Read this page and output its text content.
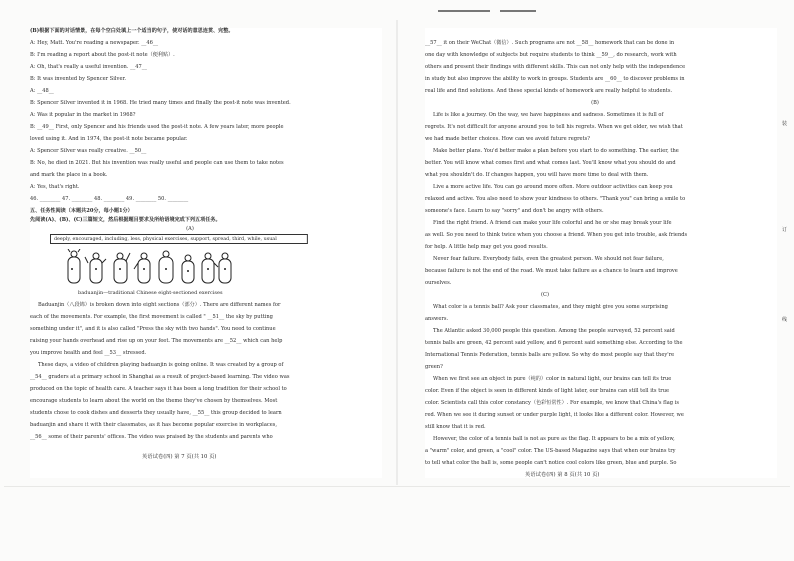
(B)根据下面的对话情景，在每个空白处填上一个适当的句子，使对话的意思连贯、完整。
A: Hey, Matt. You're reading a newspaper. __46__
B: I'm reading a report about the post-it note（便利贴）.
A: Oh, that's really a useful invention. __47__
B: It was invented by Spencer Silver.
A: __48__
B: Spencer Silver invented it in 1968. He tried many times and finally the post-it note was invented.
A: Was it popular in the market in 1968?
B: __49__ First, only Spencer and his friends used the post-it note. A few years later, more people
loved using it. And in 1974, the post-it note became popular.
A: Spencer Silver was really creative. __50__
B: No, he died in 2021. But his invention was really useful and people can use them to take notes
and mark the place in a book.
A: Yes, that's right.
46. ________ 47. ________ 48. ________ 49. ________ 50. ________
五、任务性阅读（本题共20分，每小题1分）
先阅读(A)、(B)、(C)三篇短文，然后根据题目要求及所给语境完成下列五项任务。
(A)
deeply, encouraged, including, less, physical exercises, support, spread, third, while, usual
baduanjin—traditional Chinese eight-sectioned exercises
Baduanjin（八段锦）is broken down into eight sections（部分）. There are different names for
each of the movements. For example, the first movement is called " __51__ the sky by putting
something under it", and it is also called "Press the sky with two hands". You need to continue
raising your hands overhead and rise up on your feet. The movements are __52__ which can help
you improve health and feel __53__ stressed.
These days, a video of children playing baduanjin is going online. It was created by a group of
__54__ graders at a primary school in Shanghai as a result of project-based learning. The video was
produced on the topic of health care. A teacher says it has been a long tradition for their school to
encourage students to learn about the world on the theme they've chosen by themselves. Most
students chose to cook dishes and desserts they usually have, __55__ this group decided to learn
baduanjin and share it with their classmates, as it has become popular exercise in workplaces,
__56__ some of their parents' offices. The video was praised by the students and parents who
英语试卷(四) 第 7 页(共 10 页)
__57__ it on their WeChat（微信）. Such programs are not __58__ homework that can be done in
one day with knowledge of subjects but require students to think __59__, do research, work with
others and present their findings with different skills. This can not only help with the independence
in study but also improve the ability to work in groups. Students are __60__ to discover problems in
real life and find solutions. And these special kinds of homework are really helpful to students.
(B)
Life is like a journey. On the way, we have happiness and sadness. Sometimes it is full of
regrets. It's not difficult for anyone around you to tell his regrets. When we get older, we wish that
we had made better choices. How can we avoid future regrets?
Make better plans. You'd better make a plan before you start to do something. The earlier, the
better. You will know what comes first and what comes last. You'll know what you should do and
what you shouldn't do. If changes happen, you will have more time to deal with them.
Live a more active life. You can go around more often. More outdoor activities can keep you
relaxed and active. You also need to show your kindness to others. "Thank you" can bring a smile to
someone's face. Learn to say "sorry" and don't be angry with others.
Find the right friend. A friend can make your life colorful and he or she may break your life
as well. So you need to think twice when you choose a friend. When you get into trouble, ask friends
for help. A little help may get you good results.
Never fear failure. Everybody fails, even the greatest person. We should not fear failure,
because failure is not the end of the road. We must take failure as a chance to learn and improve
ourselves.
(C)
What color is a tennis ball? Ask your classmates, and they might give you some surprising
answers.
The Atlantic asked 30,000 people this question. Among the people surveyed, 52 percent said
tennis balls are green, 42 percent said yellow, and 6 percent said something else. According to the
International Tennis Federation, tennis balls are yellow. So why do most people say that they're
green?
When we first see an object in pure（纯的）color in natural light, our brains can tell its true
color. Even if the object is seen in different kinds of light later, our brains can still tell its true
color. Scientists call this color constancy（色彩恒常性）. For example, we know that China's flag is
red. When we see it during sunset or under purple light, it looks like a different color. However, we
still know that it is red.
However, the color of a tennis ball is not as pure as the flag. It appears to be a mix of yellow,
a "warm" color, and green, a "cool" color. The US-based Magazine says that when our brains try
to tell what color the ball is, some people can't notice cool colors like green, blue and purple. So
英语试卷(四) 第 8 页(共 10 页)
装
订
线
